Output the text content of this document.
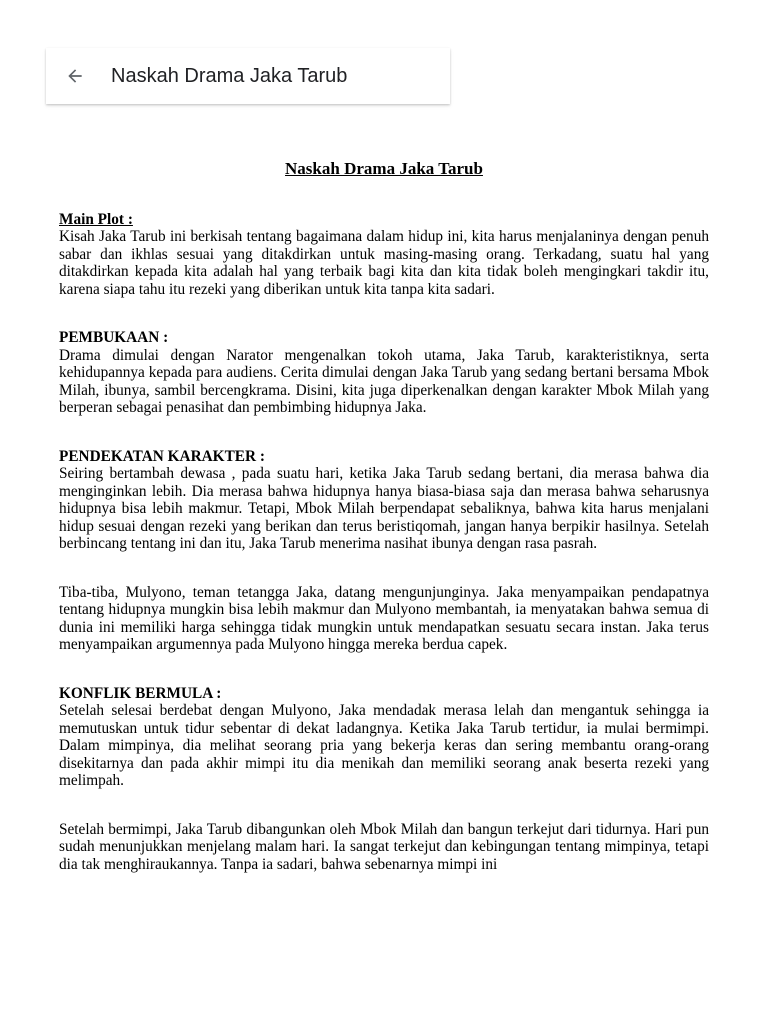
Naskah Drama Jaka Tarub
Naskah Drama Jaka Tarub
Main Plot :

Kisah Jaka Tarub ini berkisah tentang bagaimana dalam hidup ini, kita harus menjalaninya dengan penuh sabar dan ikhlas sesuai yang ditakdirkan untuk masing-masing orang. Terkadang, suatu hal yang ditakdirkan kepada kita adalah hal yang terbaik bagi kita dan kita tidak boleh mengingkari takdir itu, karena siapa tahu itu rezeki yang diberikan untuk kita tanpa kita sadari.

PEMBUKAAN :

Drama dimulai dengan Narator mengenalkan tokoh utama, Jaka Tarub, karakteristiknya, serta kehidupannya kepada para audiens. Cerita dimulai dengan Jaka Tarub yang sedang bertani bersama Mbok Milah, ibunya, sambil bercengkrama. Disini, kita juga diperkenalkan dengan karakter Mbok Milah yang berperan sebagai penasihat dan pembimbing hidupnya Jaka.

PENDEKATAN KARAKTER :

Seiring bertambah dewasa , pada suatu hari, ketika Jaka Tarub sedang bertani, dia merasa bahwa dia menginginkan lebih. Dia merasa bahwa hidupnya hanya biasa-biasa saja dan merasa bahwa seharusnya hidupnya bisa lebih makmur. Tetapi, Mbok Milah berpendapat sebaliknya, bahwa kita harus menjalani hidup sesuai dengan rezeki yang berikan dan terus beristiqomah, jangan hanya berpikir hasilnya. Setelah berbincang tentang ini dan itu, Jaka Tarub menerima nasihat ibunya dengan rasa pasrah.

Tiba-tiba, Mulyono, teman tetangga Jaka, datang mengunjunginya. Jaka menyampaikan pendapatnya tentang hidupnya mungkin bisa lebih makmur dan Mulyono membantah, ia menyatakan bahwa semua di dunia ini memiliki harga sehingga tidak mungkin untuk mendapatkan sesuatu secara instan. Jaka terus menyampaikan argumennya pada Mulyono hingga mereka berdua capek.

KONFLIK BERMULA :

Setelah selesai berdebat dengan Mulyono, Jaka mendadak merasa lelah dan mengantuk sehingga ia memutuskan untuk tidur sebentar di dekat ladangnya. Ketika Jaka Tarub tertidur, ia mulai bermimpi. Dalam mimpinya, dia melihat seorang pria yang bekerja keras dan sering membantu orang-orang disekitarnya dan pada akhir mimpi itu dia menikah dan memiliki seorang anak beserta rezeki yang melimpah.

Setelah bermimpi, Jaka Tarub dibangunkan oleh Mbok Milah dan bangun terkejut dari tidurnya. Hari pun sudah menunjukkan menjelang malam hari. Ia sangat terkejut dan kebingungan tentang mimpinya, tetapi dia tak menghiraukannya. Tanpa ia sadari, bahwa sebenarnya mimpi ini
